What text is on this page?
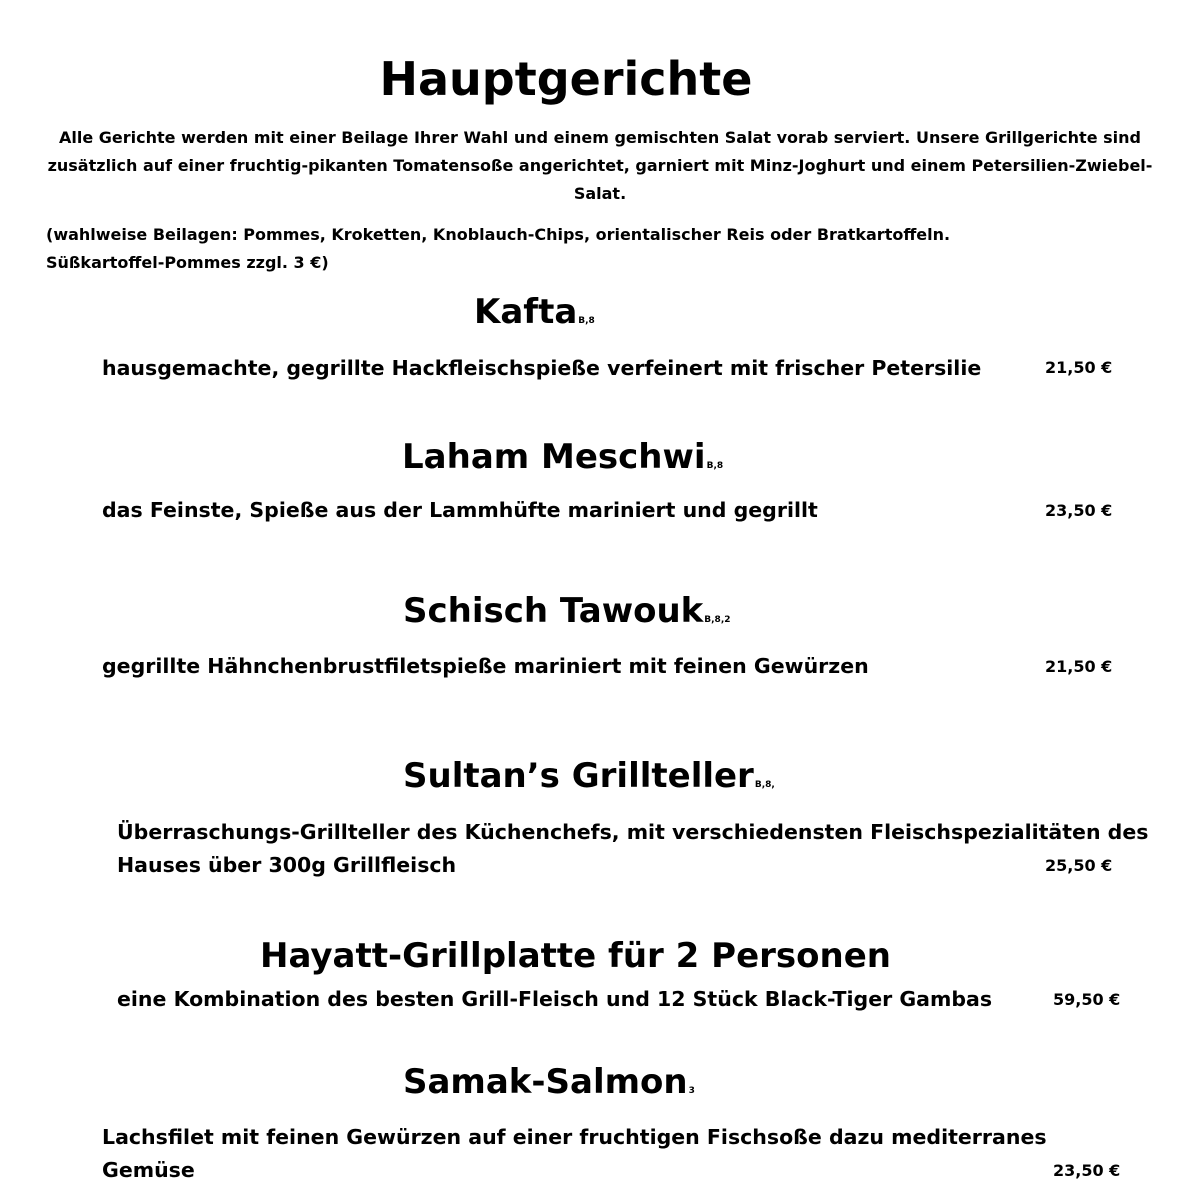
Hauptgerichte
Alle Gerichte werden mit einer Beilage Ihrer Wahl und einem gemischten Salat vorab serviert. Unsere Grillgerichte sind zusätzlich auf einer fruchtig-pikanten Tomatensoße angerichtet, garniert mit Minz-Joghurt und einem Petersilien-Zwiebel-Salat.
(wahlweise Beilagen: Pommes, Kroketten, Knoblauch-Chips, orientalischer Reis oder Bratkartoffeln.
Süßkartoffel-Pommes zzgl. 3 €)
KaftaB,8
hausgemachte, gegrillte Hackfleischspieße verfeinert mit frischer Petersilie	21,50 €
Laham MeschwiB,8
das Feinste, Spieße aus der Lammhüfte mariniert und gegrillt	23,50 €
Schisch TawoukB,8,2
gegrillte Hähnchenbrustfiletspieße mariniert mit feinen Gewürzen	21,50 €
Sultan’s GrilltellerB,8,
Überraschungs-Grillteller des Küchenchefs, mit verschiedensten Fleischspezialitäten des
Hauses über 300g Grillfleisch	25,50 €
Hayatt-Grillplatte für 2 Personen
eine Kombination des besten Grill-Fleisch und 12 Stück Black-Tiger Gambas	59,50 €
Samak-Salmon3
Lachsfilet mit feinen Gewürzen auf einer fruchtigen Fischsoße dazu mediterranes
Gemüse	23,50 €
